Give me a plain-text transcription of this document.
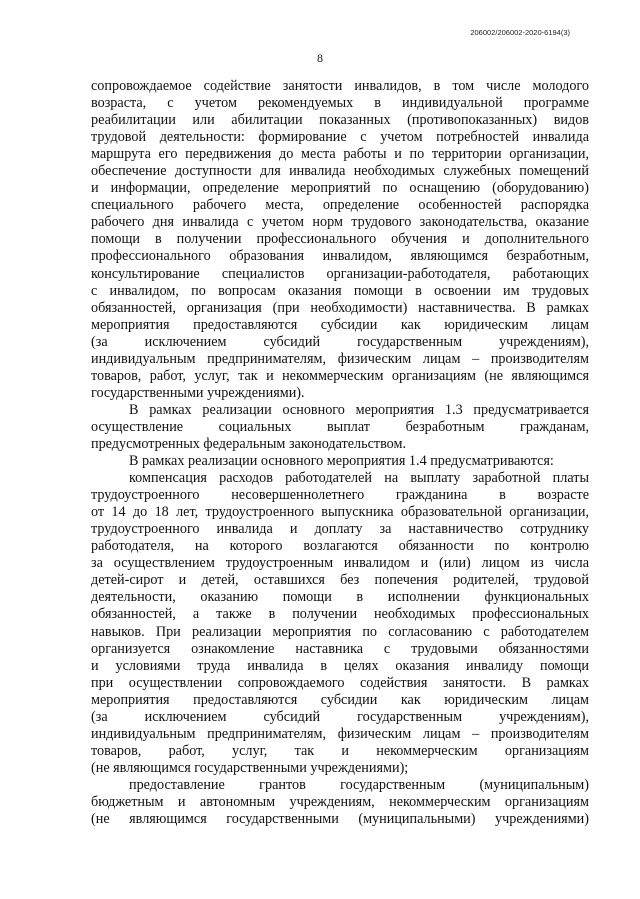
206002/206002-2020-6194(3)
8
сопровождаемое содействие занятости инвалидов, в том числе молодого
возраста, с учетом рекомендуемых в индивидуальной программе
реабилитации или абилитации показанных (противопоказанных) видов
трудовой деятельности: формирование с учетом потребностей инвалида
маршрута его передвижения до места работы и по территории организации,
обеспечение доступности для инвалида необходимых служебных помещений
и информации, определение мероприятий по оснащению (оборудованию)
специального рабочего места, определение особенностей распорядка
рабочего дня инвалида с учетом норм трудового законодательства, оказание
помощи в получении профессионального обучения и дополнительного
профессионального образования инвалидом, являющимся безработным,
консультирование специалистов организации-работодателя, работающих
с инвалидом, по вопросам оказания помощи в освоении им трудовых
обязанностей, организация (при необходимости) наставничества. В рамках
мероприятия предоставляются субсидии как юридическим лицам
(за исключением субсидий государственным учреждениям),
индивидуальным предпринимателям, физическим лицам – производителям
товаров, работ, услуг, так и некоммерческим организациям (не являющимся
государственными учреждениями).
В рамках реализации основного мероприятия 1.3 предусматривается
осуществление социальных выплат безработным гражданам,
предусмотренных федеральным законодательством.
В рамках реализации основного мероприятия 1.4 предусматриваются:
компенсация расходов работодателей на выплату заработной платы
трудоустроенного несовершеннолетнего гражданина в возрасте
от 14 до 18 лет, трудоустроенного выпускника образовательной организации,
трудоустроенного инвалида и доплату за наставничество сотруднику
работодателя, на которого возлагаются обязанности по контролю
за осуществлением трудоустроенным инвалидом и (или) лицом из числа
детей-сирот и детей, оставшихся без попечения родителей, трудовой
деятельности, оказанию помощи в исполнении функциональных
обязанностей, а также в получении необходимых профессиональных
навыков. При реализации мероприятия по согласованию с работодателем
организуется ознакомление наставника с трудовыми обязанностями
и условиями труда инвалида в целях оказания инвалиду помощи
при осуществлении сопровождаемого содействия занятости. В рамках
мероприятия предоставляются субсидии как юридическим лицам
(за исключением субсидий государственным учреждениям),
индивидуальным предпринимателям, физическим лицам – производителям
товаров, работ, услуг, так и некоммерческим организациям
(не являющимся государственными учреждениями);
предоставление грантов государственным (муниципальным)
бюджетным и автономным учреждениям, некоммерческим организациям
(не являющимся государственными (муниципальными) учреждениями)
